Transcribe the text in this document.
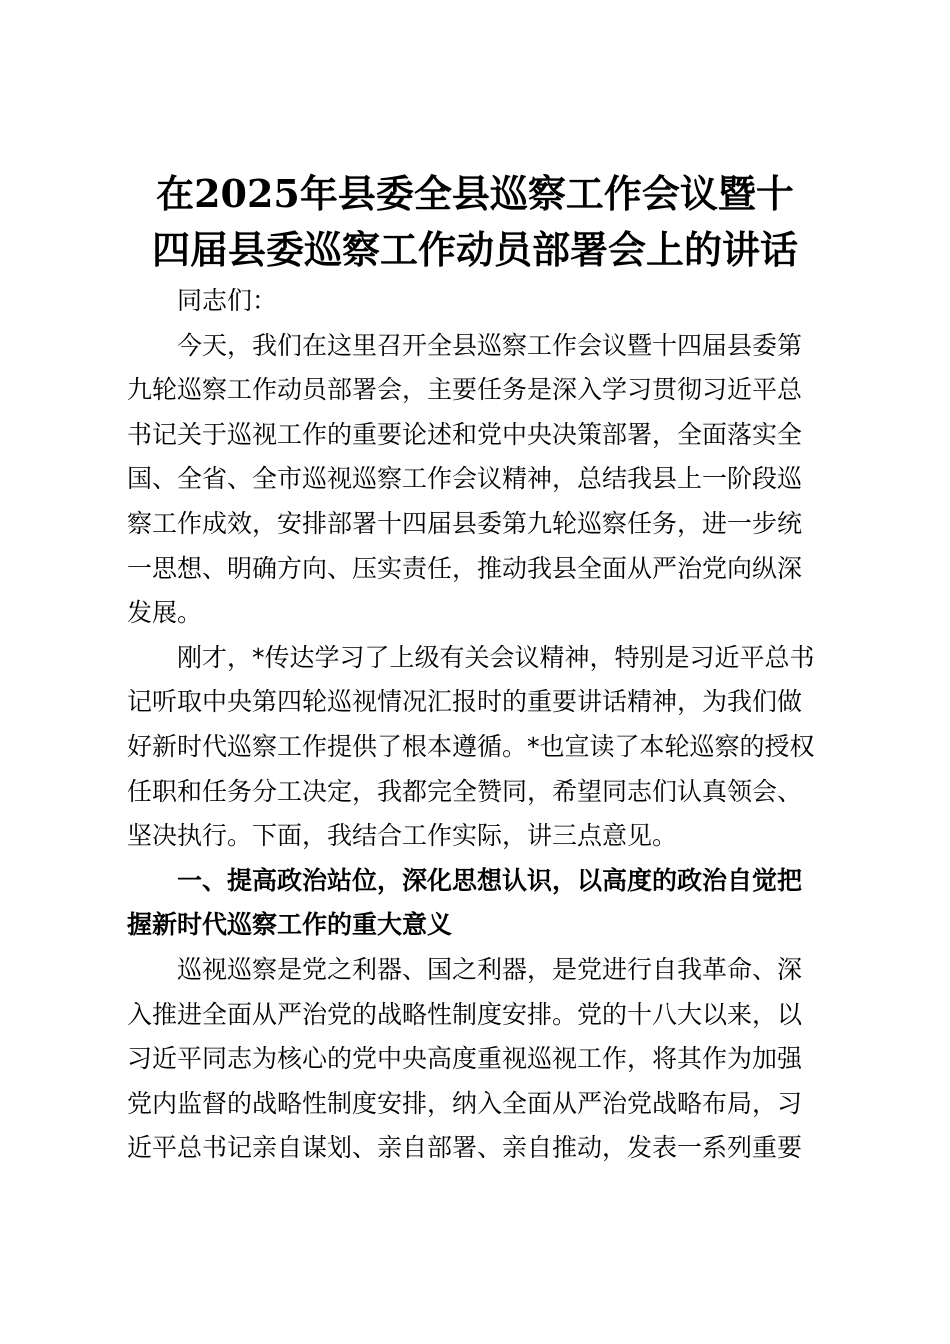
在2025年县委全县巡察工作会议暨十
四届县委巡察工作动员部署会上的讲话

同志们：

今天，我们在这里召开全县巡察工作会议暨十四届县委第
九轮巡察工作动员部署会，主要任务是深入学习贯彻习近平总
书记关于巡视工作的重要论述和党中央决策部署，全面落实全
国、全省、全市巡视巡察工作会议精神，总结我县上一阶段巡
察工作成效，安排部署十四届县委第九轮巡察任务，进一步统
一思想、明确方向、压实责任，推动我县全面从严治党向纵深
发展。

刚才，*传达学习了上级有关会议精神，特别是习近平总书
记听取中央第四轮巡视情况汇报时的重要讲话精神，为我们做
好新时代巡察工作提供了根本遵循。*也宣读了本轮巡察的授权
任职和任务分工决定，我都完全赞同，希望同志们认真领会、
坚决执行。下面，我结合工作实际，讲三点意见。

一、提高政治站位，深化思想认识，以高度的政治自觉把
握新时代巡察工作的重大意义

巡视巡察是党之利器、国之利器，是党进行自我革命、深
入推进全面从严治党的战略性制度安排。党的十八大以来，以
习近平同志为核心的党中央高度重视巡视工作，将其作为加强
党内监督的战略性制度安排，纳入全面从严治党战略布局，习
近平总书记亲自谋划、亲自部署、亲自推动，发表一系列重要
